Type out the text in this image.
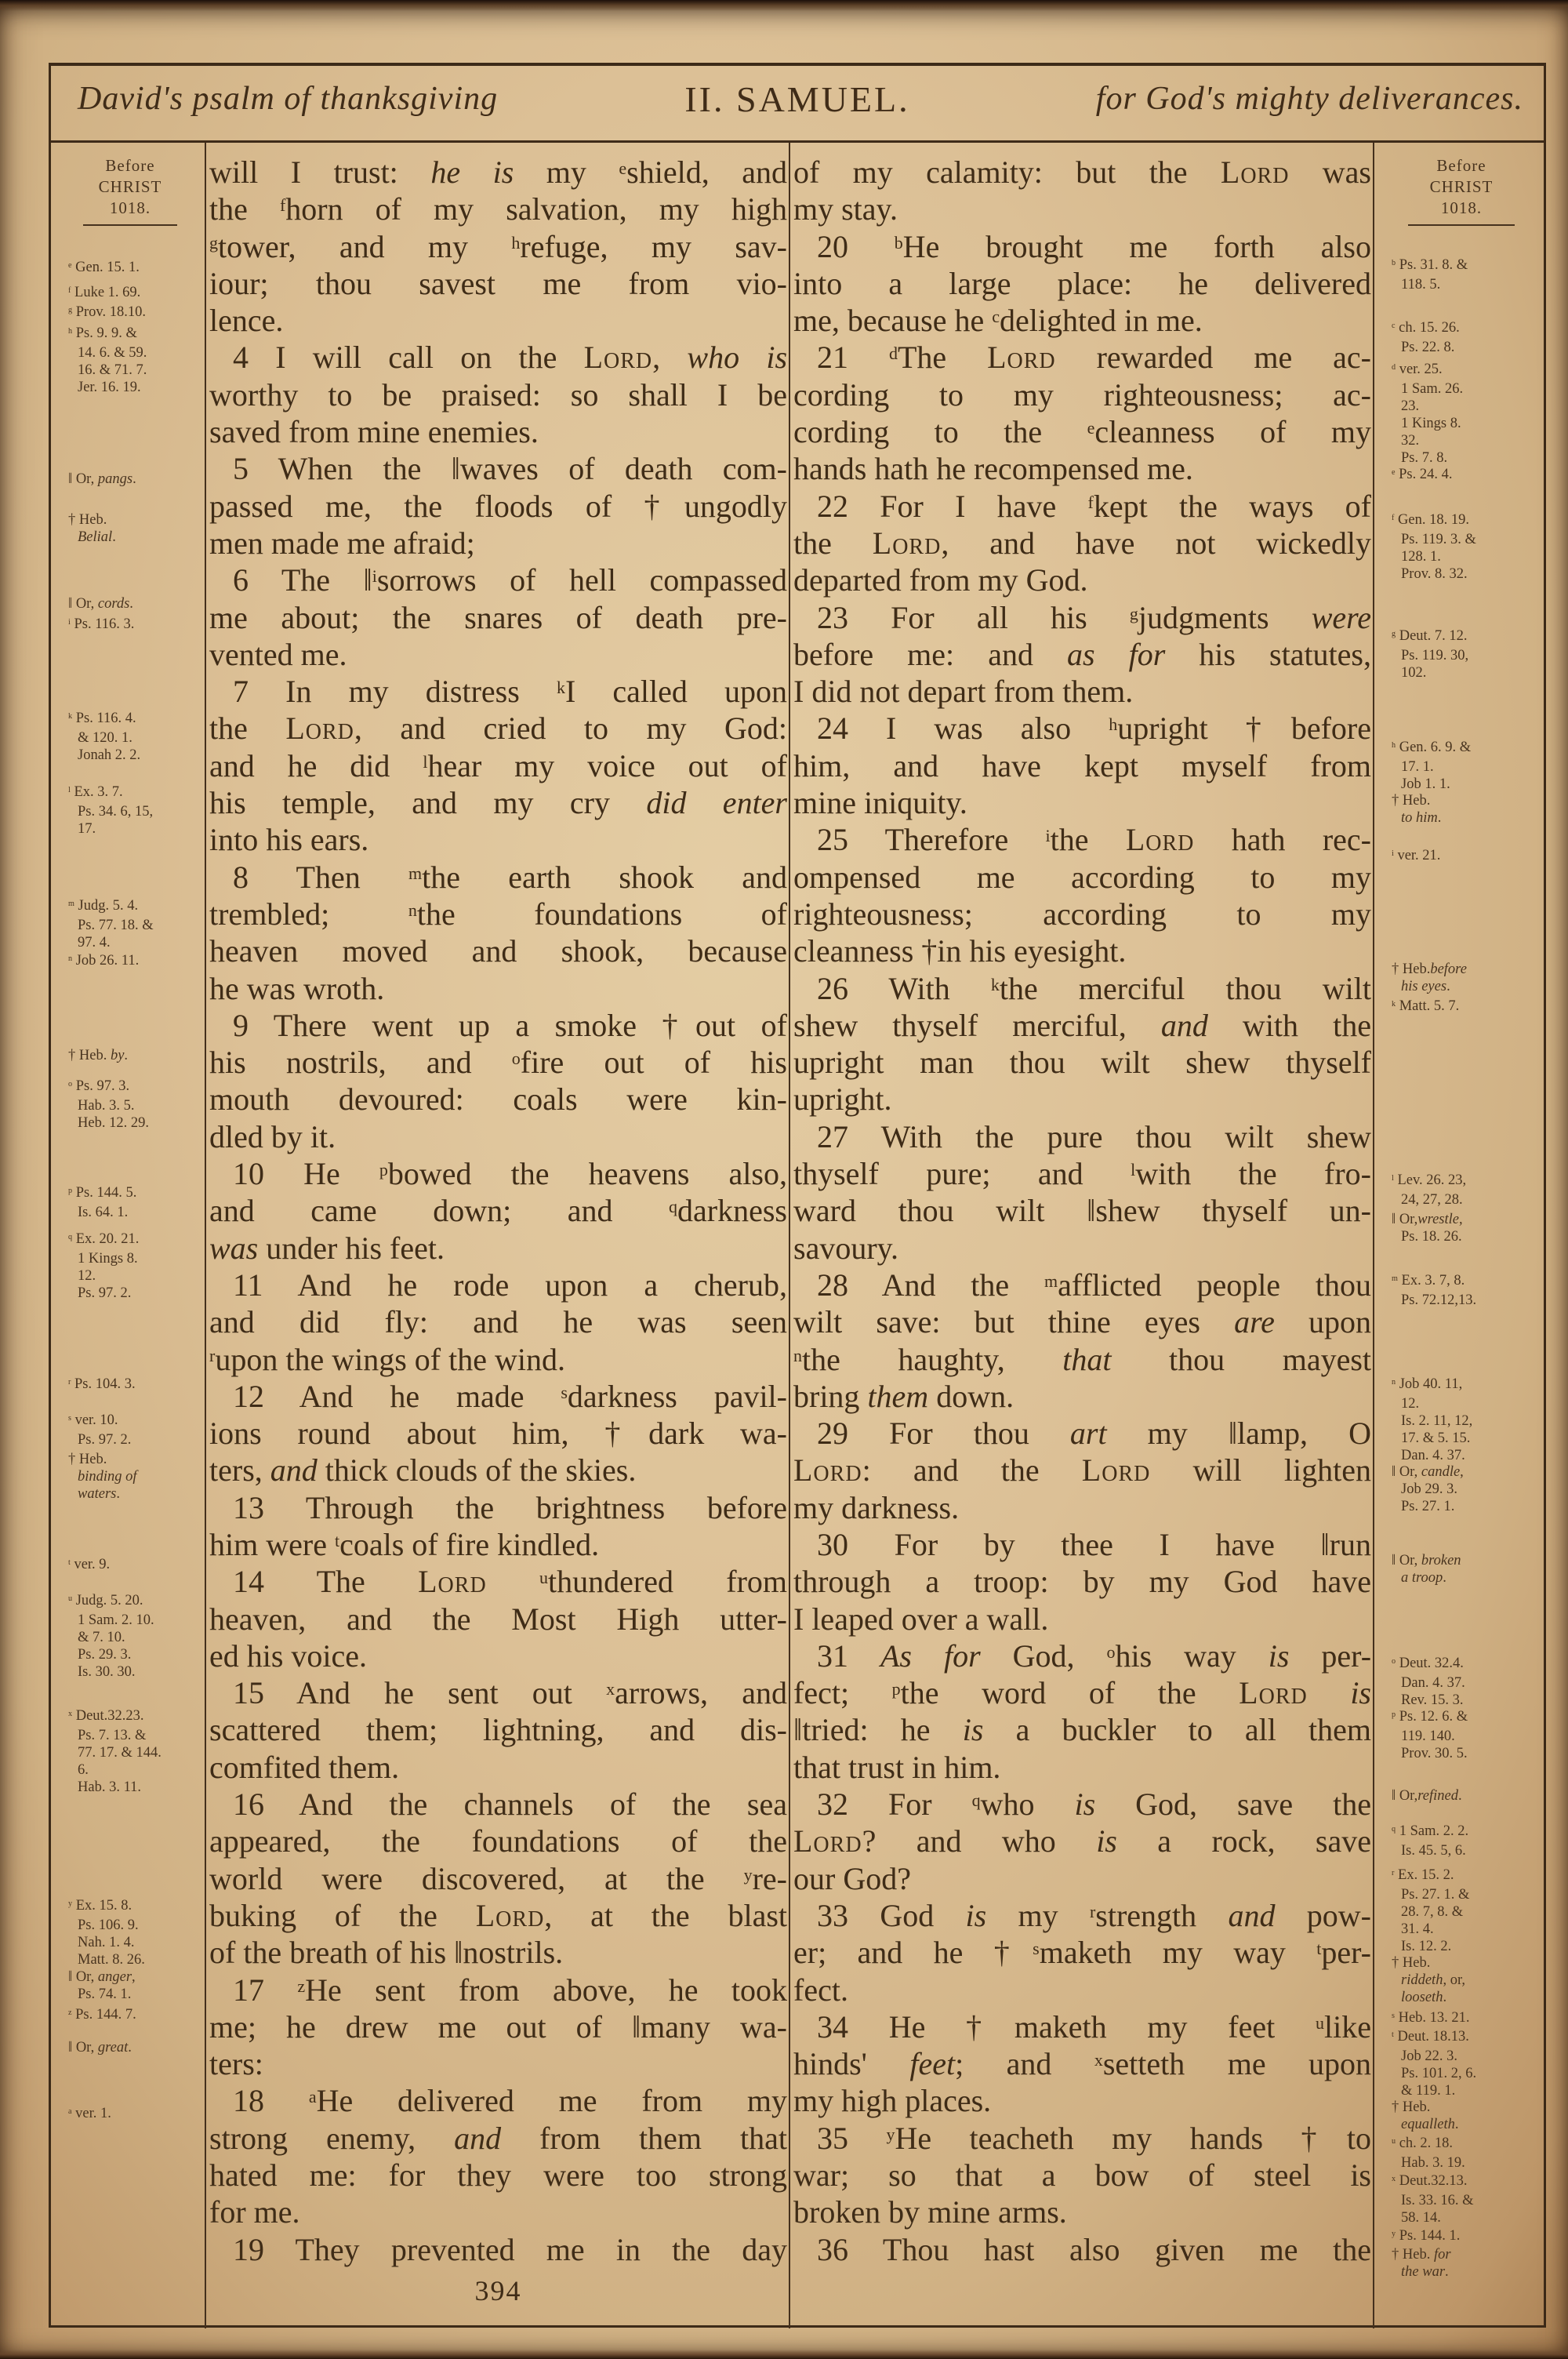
David's psalm of thanksgiving	II. SAMUEL.	for God's mighty deliverances.
Before
CHRIST
1018.
$^e$ Gen. 15. 1.
$^f$ Luke 1. 69.
$^g$ Prov. 18.10.
$^h$ Ps. 9. 9. &
14. 6. & 59.
16. & 71. 7.
Jer. 16. 19.
‖ Or, pangs.
† Heb.
Belial.
‖ Or, cords.
$^i$ Ps. 116. 3.
$^k$ Ps. 116. 4.
& 120. 1.
Jonah 2. 2.
$^l$ Ex. 3. 7.
Ps. 34. 6, 15,
17.
$^m$ Judg. 5. 4.
Ps. 77. 18. &
97. 4.
$^n$ Job 26. 11.
† Heb. by.
$^o$ Ps. 97. 3.
Hab. 3. 5.
Heb. 12. 29.
$^p$ Ps. 144. 5.
Is. 64. 1.
$^q$ Ex. 20. 21.
1 Kings 8.
12.
Ps. 97. 2.
$^r$ Ps. 104. 3.
$^s$ ver. 10.
Ps. 97. 2.
† Heb.
binding of
waters.
$^t$ ver. 9.
$^u$ Judg. 5. 20.
1 Sam. 2. 10.
& 7. 10.
Ps. 29. 3.
Is. 30. 30.
$^x$ Deut.32.23.
Ps. 7. 13. &
77. 17. & 144.
6.
Hab. 3. 11.
$^y$ Ex. 15. 8.
Ps. 106. 9.
Nah. 1. 4.
Matt. 8. 26.
‖ Or, anger,
Ps. 74. 1.
$^z$ Ps. 144. 7.
‖ Or, great.
$^a$ ver. 1.
will I trust: he is my $^e$shield, and
the $^f$horn of my salvation, my high
$^g$tower, and my $^h$refuge, my sav-
iour; thou savest me from vio-
lence.
4 I will call on the Lord, who is
worthy to be praised: so shall I be
saved from mine enemies.
5 When the ‖waves of death com-
passed me, the floods of †ungodly
men made me afraid;
6 The ‖$^i$sorrows of hell compassed
me about; the snares of death pre-
vented me.
7 In my distress $^k$I called upon
the Lord, and cried to my God:
and he did $^l$hear my voice out of
his temple, and my cry did enter
into his ears.
8 Then $^m$the earth shook and
trembled; $^n$the foundations of
heaven moved and shook, because
he was wroth.
9 There went up a smoke †out of
his nostrils, and $^o$fire out of his
mouth devoured: coals were kin-
dled by it.
10 He $^p$bowed the heavens also,
and came down; and $^q$darkness
was under his feet.
11 And he rode upon a cherub,
and did fly: and he was seen
$^r$upon the wings of the wind.
12 And he made $^s$darkness pavil-
ions round about him, †dark wa-
ters, and thick clouds of the skies.
13 Through the brightness before
him were $^t$coals of fire kindled.
14 The Lord	$^u$thundered from
heaven, and the Most High utter-
ed his voice.
15 And he sent out $^x$arrows, and
scattered them; lightning, and dis-
comfited them.
16 And the channels of the sea
appeared, the foundations of the
world were discovered, at the $^y$re-
buking of the Lord, at the blast
of the breath of his ‖nostrils.
17 $^z$He sent from above, he took
me; he drew me out of ‖many wa-
ters:
18 $^a$He delivered me from my
strong enemy, and from them that
hated me: for they were too strong
for me.
19 They prevented me in the day
394
of my calamity: but the Lord was
my stay.
20 $^b$He brought me forth also
into a large place: he delivered
me, because he $^c$delighted in me.
21 $^d$The Lord rewarded me ac-
cording to my righteousness; ac-
cording to the $^e$cleanness of my
hands hath he recompensed me.
22 For I have $^f$kept the ways of
the Lord, and have not wickedly
departed from my God.
23 For all his $^g$judgments were
before me: and as for his statutes,
I did not depart from them.
24 I was also $^h$upright †before
him, and have kept myself from
mine iniquity.
25 Therefore $^i$the Lord hath rec-
ompensed me according to my
righteousness; according to my
cleanness †in his eyesight.
26 With $^k$the merciful thou wilt
shew thyself merciful, and with the
upright man thou wilt shew thyself
upright.
27 With the pure thou wilt shew
thyself pure; and $^l$with the fro-
ward thou wilt ‖shew thyself un-
savoury.
28 And the $^m$afflicted people thou
wilt save: but thine eyes are upon
$^n$the haughty, that thou mayest
bring them down.
29 For thou art my ‖lamp, O
Lord: and the Lord will lighten
my darkness.
30 For by thee I have ‖run
through a troop: by my God have
I leaped over a wall.
31 As for God, $^o$his way is per-
fect; $^p$the word of the Lord is
‖tried: he is a buckler to all them
that trust in him.
32 For $^q$who is God, save the
Lord? and who is a rock, save
our God?
33 God is my $^r$strength and pow-
er; and he †$^s$maketh my way $^t$per-
fect.
34 He †maketh my feet $^u$like
hinds' feet; and $^x$setteth me upon
my high places.
35 $^y$He teacheth my hands †to
war; so that a bow of steel is
broken by mine arms.
36 Thou hast also given me the
Before
CHRIST
1018.
$^b$ Ps. 31. 8. &
118. 5.
$^c$ ch. 15. 26.
Ps. 22. 8.
$^d$ ver. 25.
1 Sam. 26.
23.
1 Kings 8.
32.
Ps. 7. 8.
$^e$ Ps. 24. 4.
$^f$ Gen. 18. 19.
Ps. 119. 3. &
128. 1.
Prov. 8. 32.
$^g$ Deut. 7. 12.
Ps. 119. 30,
102.
$^h$ Gen. 6. 9. &
17. 1.
Job 1. 1.
† Heb.
to him.
$^i$ ver. 21.
† Heb.before
his eyes.
$^k$ Matt. 5. 7.
$^l$ Lev. 26. 23,
24, 27, 28.
‖ Or,wrestle,
Ps. 18. 26.
$^m$ Ex. 3. 7, 8.
Ps. 72.12,13.
$^n$ Job 40. 11,
12.
Is. 2. 11, 12,
17. & 5. 15.
Dan. 4. 37.
‖ Or, candle,
Job 29. 3.
Ps. 27. 1.
‖ Or, broken
a troop.
$^o$ Deut. 32.4.
Dan. 4. 37.
Rev. 15. 3.
$^p$ Ps. 12. 6. &
119. 140.
Prov. 30. 5.
‖ Or,refined.
$^q$ 1 Sam. 2. 2.
Is. 45. 5, 6.
$^r$ Ex. 15. 2.
Ps. 27. 1. &
28. 7, 8. &
31. 4.
Is. 12. 2.
† Heb.
riddeth, or,
looseth.
$^s$ Heb. 13. 21.
$^t$ Deut. 18.13.
Job 22. 3.
Ps. 101. 2, 6.
& 119. 1.
† Heb.
equalleth.
$^u$ ch. 2. 18.
Hab. 3. 19.
$^x$ Deut.32.13.
Is. 33. 16. &
58. 14.
$^y$ Ps. 144. 1.
† Heb. for
the war.
